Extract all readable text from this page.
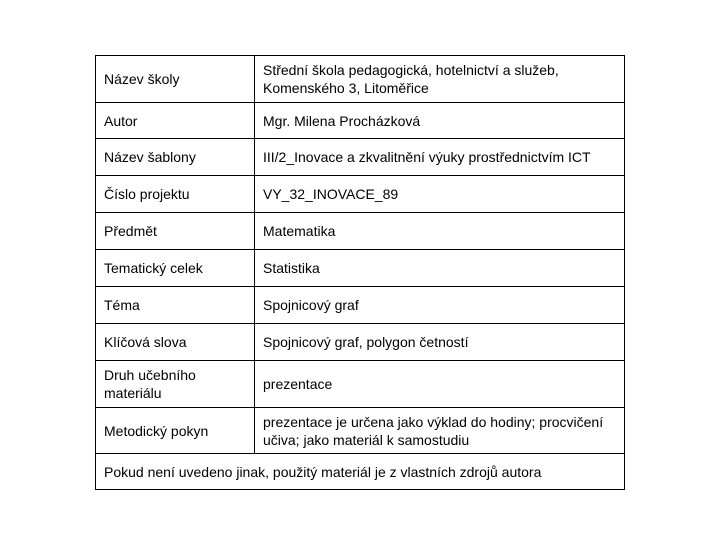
Název školy	Střední škola pedagogická, hotelnictví a služeb, Komenského 3, Litoměřice
Autor	Mgr. Milena Procházková
Název šablony	III/2_Inovace a zkvalitnění výuky prostřednictvím ICT
Číslo projektu	VY_32_INOVACE_89
Předmět	Matematika
Tematický celek	Statistika
Téma	Spojnicový graf
Klíčová slova	Spojnicový graf, polygon četností
Druh učebního materiálu	prezentace
Metodický pokyn	prezentace je určena jako výklad do hodiny; procvičení učiva; jako materiál k samostudiu
Pokud není uvedeno jinak, použitý materiál je z vlastních zdrojů autora	
